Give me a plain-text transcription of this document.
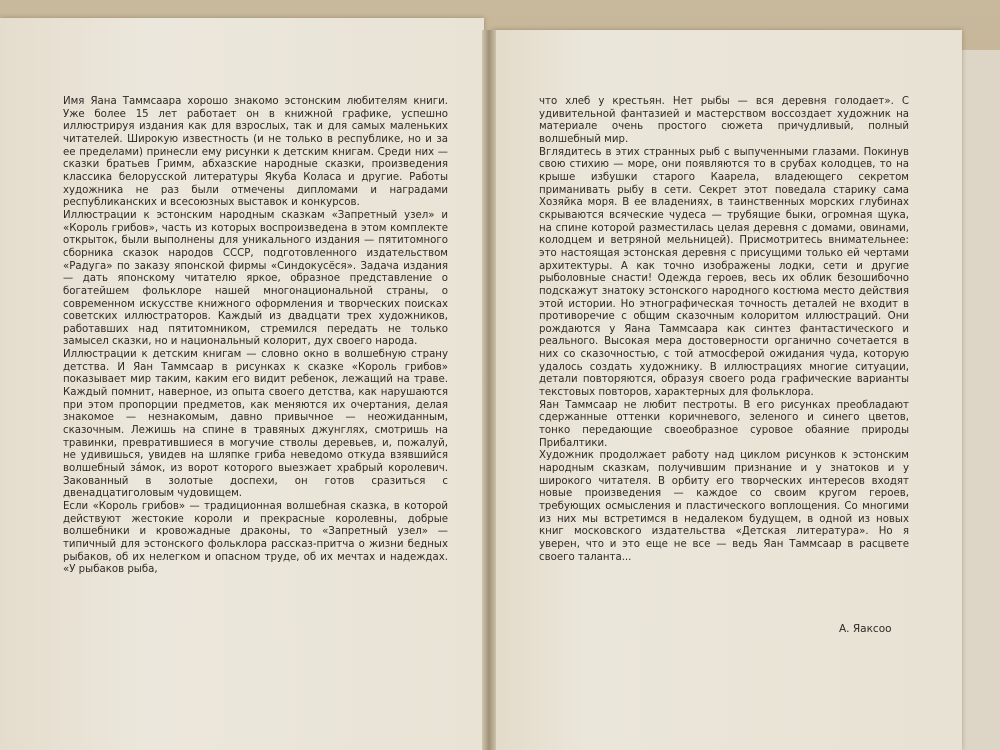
Имя Яана Таммсаара хорошо знакомо эстонским любителям книги. Уже более 15 лет работает он в книжной графике, успешно иллюстрируя издания как для взрослых, так и для самых маленьких читателей. Широкую известность (и не только в республике, но и за ее пределами) принесли ему рисунки к детским книгам. Среди них — сказки братьев Гримм, абхазские народные сказки, произведения классика белорусской литературы Якуба Коласа и другие. Работы художника не раз были отмечены дипломами и наградами республиканских и всесоюзных выставок и конкурсов.

Иллюстрации к эстонским народным сказкам «Запретный узел» и «Король грибов», часть из которых воспроизведена в этом комплекте открыток, были выполнены для уникального издания — пятитомного сборника сказок народов СССР, подготовленного издательством «Радуга» по заказу японской фирмы «Синдокусёся». Задача издания — дать японскому читателю яркое, образное представление о богатейшем фольклоре нашей многонациональной страны, о современном искусстве книжного оформления и творческих поисках советских иллюстраторов. Каждый из двадцати трех художников, работавших над пятитомником, стремился передать не только замысел сказки, но и национальный колорит, дух своего народа.

Иллюстрации к детским книгам — словно окно в волшебную страну детства. И Яан Таммсаар в рисунках к сказке «Король грибов» показывает мир таким, каким его видит ребенок, лежащий на траве. Каждый помнит, наверное, из опыта своего детства, как нарушаются при этом пропорции предметов, как меняются их очертания, делая знакомое — незнакомым, давно привычное — неожиданным, сказочным. Лежишь на спине в травяных джунглях, смотришь на травинки, превратившиеся в могучие стволы деревьев, и, пожалуй, не удивишься, увидев на шляпке гриба неведомо откуда взявшийся волшебный зáмок, из ворот которого выезжает храбрый королевич. Закованный в золотые доспехи, он готов сразиться с двенадцатиголовым чудовищем.

Если «Король грибов» — традиционная волшебная сказка, в которой действуют жестокие короли и прекрасные королевны, добрые волшебники и кровожадные драконы, то «Запретный узел» — типичный для эстонского фольклора рассказ-притча о жизни бедных рыбаков, об их нелегком и опасном труде, об их мечтах и надеждах. «У рыбаков рыба,

что хлеб у крестьян. Нет рыбы — вся деревня голодает». С удивительной фантазией и мастерством воссоздает художник на материале очень простого сюжета причудливый, полный волшебный мир.

Вглядитесь в этих странных рыб с выпученными глазами. Покинув свою стихию — море, они появляются то в срубах колодцев, то на крыше избушки старого Каарела, владеющего секретом приманивать рыбу в сети. Секрет этот поведала старику сама Хозяйка моря. В ее владениях, в таинственных морских глубинах скрываются всяческие чудеса — трубящие быки, огромная щука, на спине которой разместилась целая деревня с домами, овинами, колодцем и ветряной мельницей). Присмотритесь внимательнее: это настоящая эстонская деревня с присущими только ей чертами архитектуры. А как точно изображены лодки, сети и другие рыболовные снасти! Одежда героев, весь их облик безошибочно подскажут знатоку эстонского народного костюма место действия этой истории. Но этнографическая точность деталей не входит в противоречие с общим сказочным колоритом иллюстраций. Они рождаются у Яана Таммсаара как синтез фантастического и реального. Высокая мера достоверности органично сочетается в них со сказочностью, с той атмосферой ожидания чуда, которую удалось создать художнику. В иллюстрациях многие ситуации, детали повторяются, образуя своего рода графические варианты текстовых повторов, характерных для фольклора.

Яан Таммсаар не любит пестроты. В его рисунках преобладают сдержанные оттенки коричневого, зеленого и синего цветов, тонко передающие своеобразное суровое обаяние природы Прибалтики.

Художник продолжает работу над циклом рисунков к эстонским народным сказкам, получившим признание и у знатоков и у широкого читателя. В орбиту его творческих интересов входят новые произведения — каждое со своим кругом героев, требующих осмысления и пластического воплощения. Со многими из них мы встретимся в недалеком будущем, в одной из новых книг московского издательства «Детская литература». Но я уверен, что и это еще не все — ведь Яан Таммсаар в расцвете своего таланта...

А. Яаксоо
